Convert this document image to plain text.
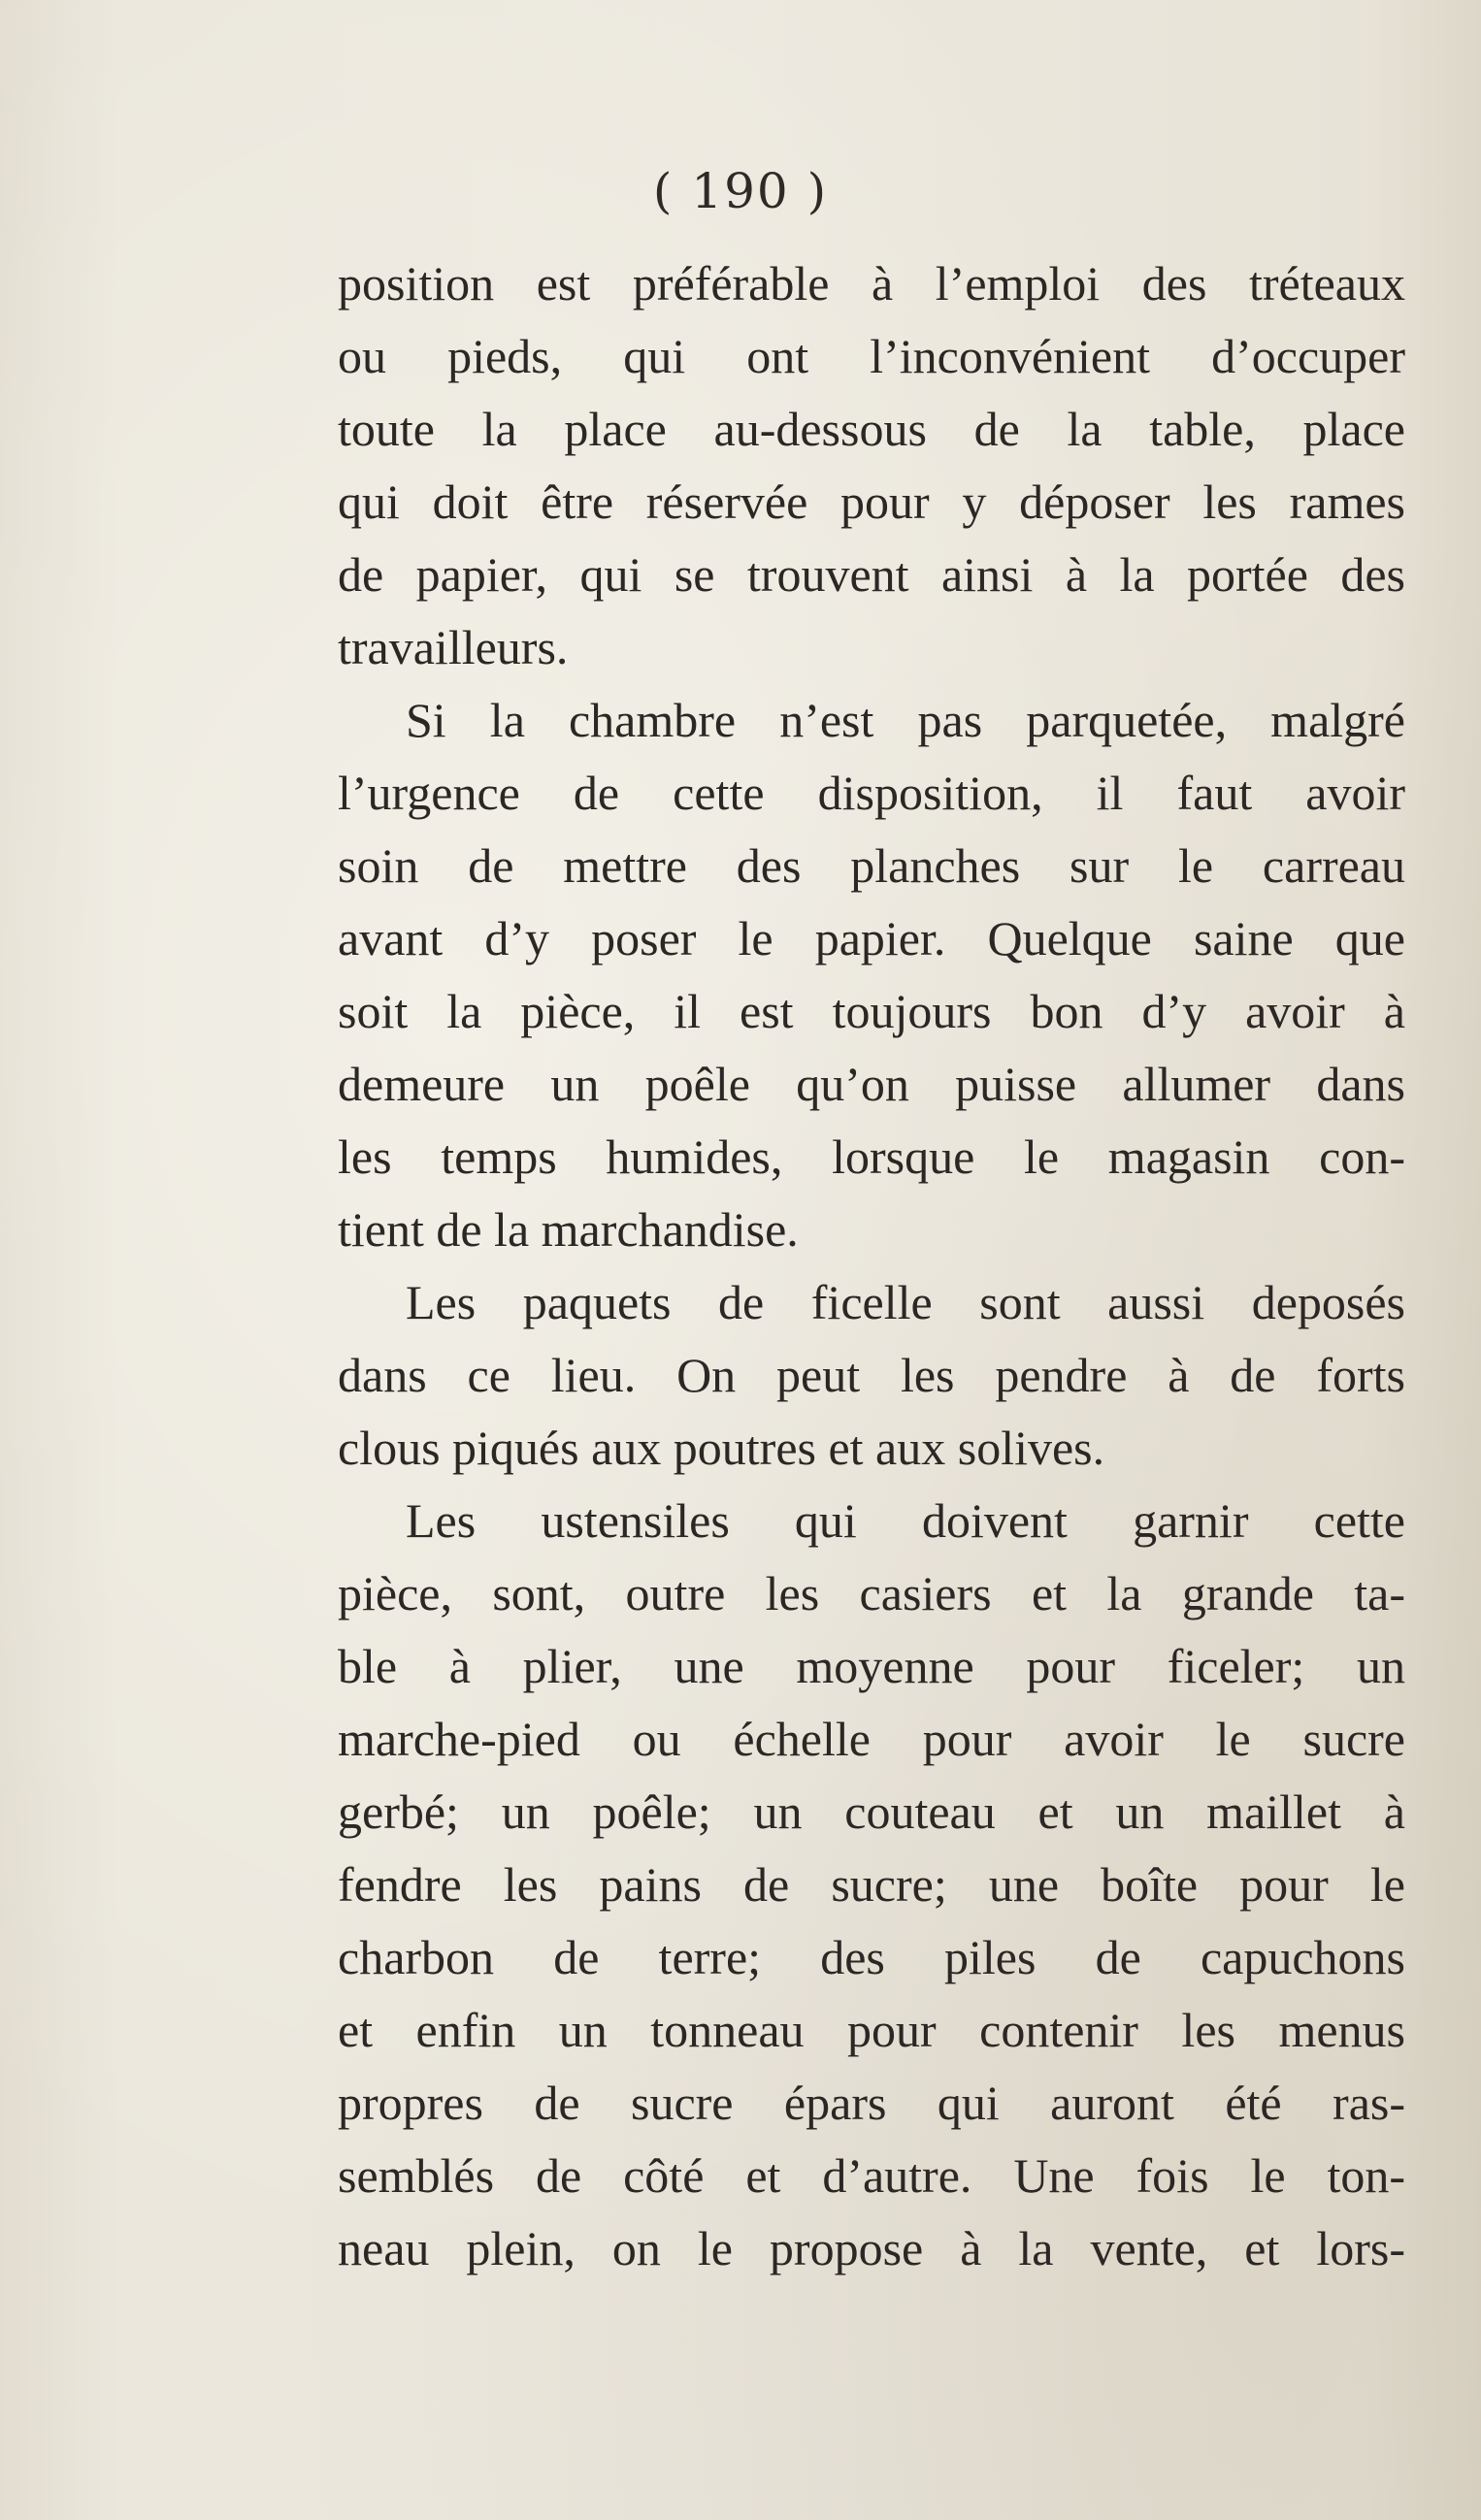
( 190 )
position est préférable à l’emploi des tréteaux
ou pieds, qui ont l’inconvénient d’occuper
toute la place au-dessous de la table, place
qui doit être réservée pour y déposer les rames
de papier, qui se trouvent ainsi à la portée des
travailleurs.
Si la chambre n’est pas parquetée, malgré
l’urgence de cette disposition, il faut avoir
soin de mettre des planches sur le carreau
avant d’y poser le papier. Quelque saine que
soit la pièce, il est toujours bon d’y avoir à
demeure un poêle qu’on puisse allumer dans
les temps humides, lorsque le magasin con-
tient de la marchandise.
Les paquets de ficelle sont aussi deposés
dans ce lieu. On peut les pendre à de forts
clous piqués aux poutres et aux solives.
Les ustensiles qui doivent garnir cette
pièce, sont, outre les casiers et la grande ta-
ble à plier, une moyenne pour ficeler; un
marche-pied ou échelle pour avoir le sucre
gerbé; un poêle; un couteau et un maillet à
fendre les pains de sucre; une boîte pour le
charbon de terre; des piles de capuchons
et enfin un tonneau pour contenir les menus
propres de sucre épars qui auront été ras-
semblés de côté et d’autre. Une fois le ton-
neau plein, on le propose à la vente, et lors-
